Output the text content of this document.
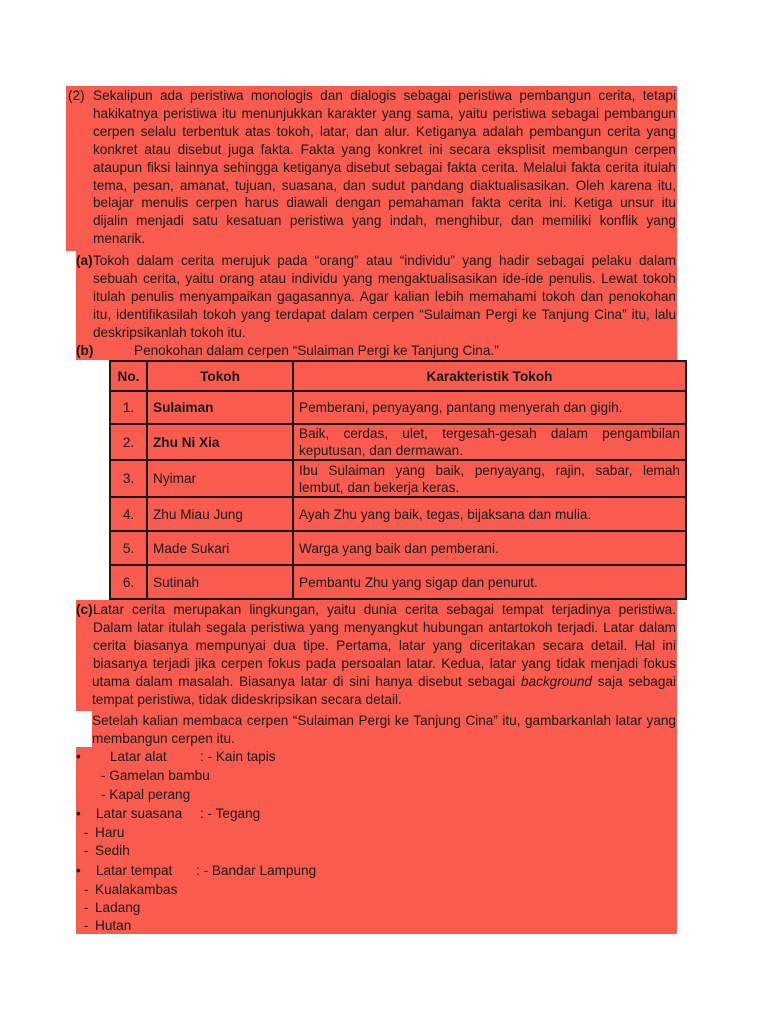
(2) Sekalipun ada peristiwa monologis dan dialogis sebagai peristiwa pembangun cerita, tetapi
hakikatnya peristiwa itu menunjukkan karakter yang sama, yaitu peristiwa sebagai pembangun
cerpen selalu terbentuk atas tokoh, latar, dan alur. Ketiganya adalah pembangun cerita yang
konkret atau disebut juga fakta. Fakta yang konkret ini secara eksplisit membangun cerpen
ataupun fiksi lainnya sehingga ketiganya disebut sebagai fakta cerita. Melalui fakta cerita itulah
tema, pesan, amanat, tujuan, suasana, dan sudut pandang diaktualisasikan. Oleh karena itu,
belajar menulis cerpen harus diawali dengan pemahaman fakta cerita ini. Ketiga unsur itu
dijalin menjadi satu kesatuan peristiwa yang indah, menghibur, dan memiliki konflik yang
menarik.
(a) Tokoh dalam cerita merujuk pada “orang” atau “individu” yang hadir sebagai pelaku dalam
sebuah cerita, yaitu orang atau individu yang mengaktualisasikan ide-ide penulis. Lewat tokoh
itulah penulis menyampaikan gagasannya. Agar kalian lebih memahami tokoh dan penokohan
itu, identifikasilah tokoh yang terdapat dalam cerpen “Sulaiman Pergi ke Tanjung Cina” itu, lalu
deskripsikanlah tokoh itu.
(b)	Penokohan dalam cerpen “Sulaiman Pergi ke Tanjung Cina.”
No.	Tokoh	Karakteristik Tokoh
1.	Sulaiman	Pemberani, penyayang, pantang menyerah dan gigih.
2.	Zhu Ni Xia	Baik, cerdas, ulet, tergesah-gesah dalam pengambilan keputusan, dan dermawan.
3.	Nyimar	Ibu Sulaiman yang baik, penyayang, rajin, sabar, lemah lembut, dan bekerja keras.
4.	Zhu Miau Jung	Ayah Zhu yang baik, tegas, bijaksana dan mulia.
5.	Made Sukari	Warga yang baik dan pemberani.
6.	Sutinah	Pembantu Zhu yang sigap dan penurut.
(c) Latar cerita merupakan lingkungan, yaitu dunia cerita sebagai tempat terjadinya peristiwa.
Dalam latar itulah segala peristiwa yang menyangkut hubungan antartokoh terjadi. Latar dalam
cerita biasanya mempunyai dua tipe. Pertama, latar yang diceritakan secara detail. Hal ini
biasanya terjadi jika cerpen fokus pada persoalan latar. Kedua, latar yang tidak menjadi fokus
utama dalam masalah. Biasanya latar di sini hanya disebut sebagai background saja sebagai
tempat peristiwa, tidak dideskripsikan secara detail.
Setelah kalian membaca cerpen “Sulaiman Pergi ke Tanjung Cina” itu, gambarkanlah latar yang
membangun cerpen itu.
• Latar alat : - Kain tapis
- Gamelan bambu
- Kapal perang
• Latar suasana : - Tegang
- Haru
- Sedih
• Latar tempat : - Bandar Lampung
- Kualakambas
- Ladang
- Hutan
